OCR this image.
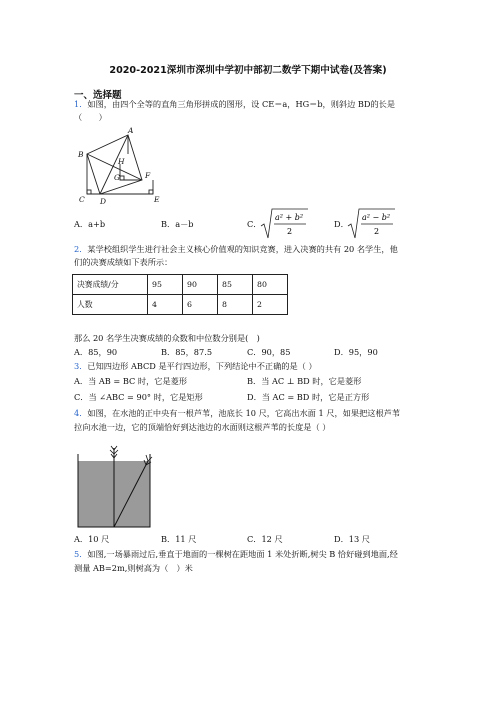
2020-2021深圳市深圳中学初中部初二数学下期中试卷(及答案)
一、选择题
1．如图，由四个全等的直角三角形拼成的图形，设 CE＝a，HG＝b，则斜边 BD的长是
（　　）
A
B
H
G	F
C D	E
A．a+b	B．a－b	C．
a² + b²
2
D．
a² − b²
2
2．某学校组织学生进行社会主义核心价值观的知识竞赛，进入决赛的共有 20 名学生，他
们的决赛成绩如下表所示：
决赛成绩/分	95	90	85	80
人数	4	6	8	2
那么 20 名学生决赛成绩的众数和中位数分别是(　)
A．85，90	B．85，87.5	C．90，85	D．95，90
3．已知四边形 ABCD 是平行四边形，下列结论中不正确的是（ ）
A．当 AB = BC 时，它是菱形	B．当 AC ⊥ BD 时，它是菱形
C．当 ∠ABC = 90° 时，它是矩形	D．当 AC = BD 时，它是正方形
4．如图，在水池的正中央有一根芦苇，池底长 10 尺，它高出水面 1 尺，如果把这根芦苇
拉向水池一边，它的顶端恰好到达池边的水面则这根芦苇的长度是（ ）
A．10 尺	B．11 尺	C．12 尺	D．13 尺
5．如图,一场暴雨过后,垂直于地面的一棵树在距地面 1 米处折断,树尖 B 恰好碰到地面,经
测量 AB=2m,则树高为（　）米
